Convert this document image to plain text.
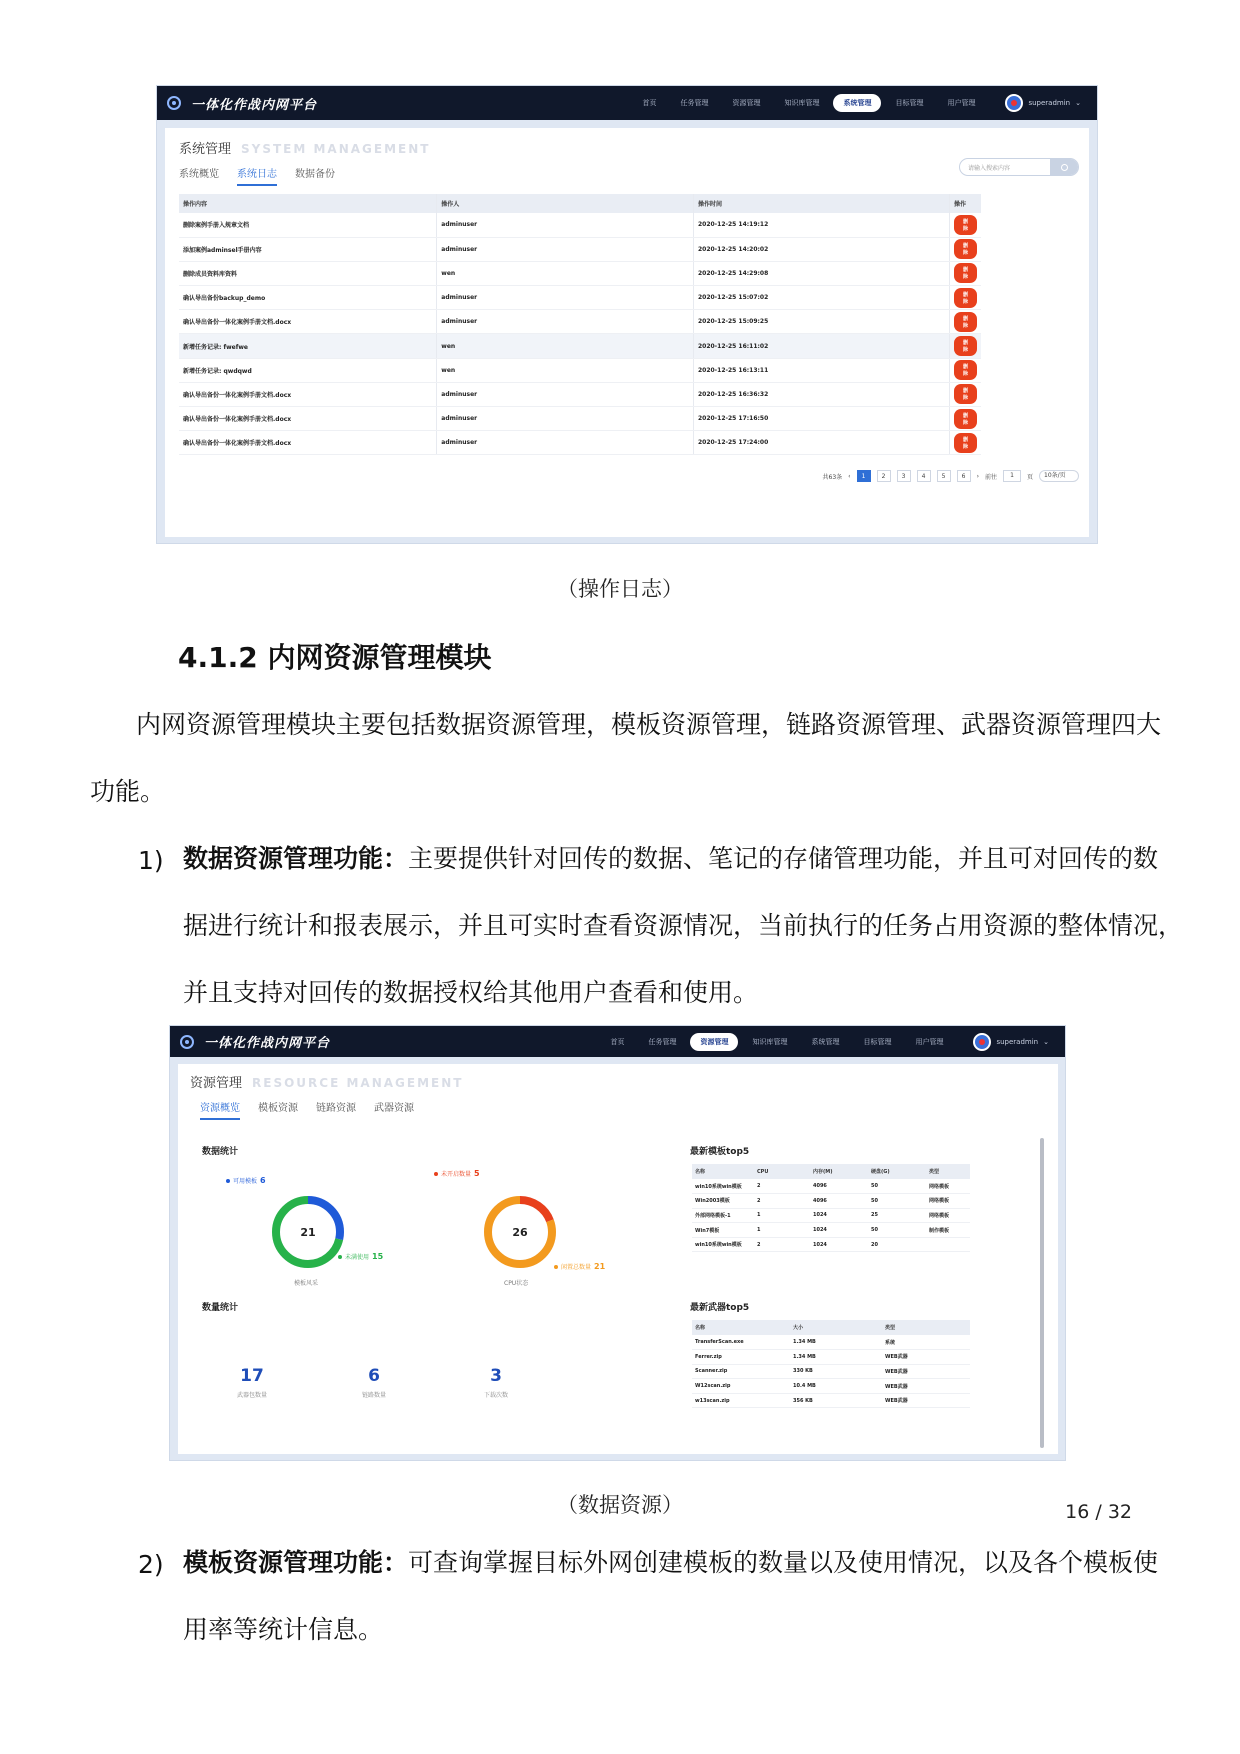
一体化作战内网平台	首页	任务管理	资源管理	知识库管理	系统管理	目标管理	用户管理	superadmin ⌄
系统管理 SYSTEM MANAGEMENT
系统概览 系统日志 数据备份
请输入搜索内容
操作内容	操作人	操作时间	操作
删除案例手册入规章文档	adminuser	2020-12-25 14:19:12	删除
添加案例adminsel手册内容	adminuser	2020-12-25 14:20:02	删除
删除成员资料库资料	wen	2020-12-25 14:29:08	删除
确认导出备份backup_demo	adminuser	2020-12-25 15:07:02	删除
确认导出备份一体化案例手册文档.docx	adminuser	2020-12-25 15:09:25	删除
新增任务记录: fwefwe	wen	2020-12-25 16:11:02	删除
新增任务记录: qwdqwd	wen	2020-12-25 16:13:11	删除
确认导出备份一体化案例手册文档.docx	adminuser	2020-12-25 16:36:32	删除
确认导出备份一体化案例手册文档.docx	adminuser	2020-12-25 17:16:50	删除
确认导出备份一体化案例手册文档.docx	adminuser	2020-12-25 17:24:00	删除
共63条 ‹	1	2	3	4	5	6	› 前往	1	页	10条/页
（操作日志）
4.1.2 内网资源管理模块
内网资源管理模块主要包括数据资源管理，模板资源管理，链路资源管理、武器资源管理四大
功能。
1) 数据资源管理功能：主要提供针对回传的数据、笔记的存储管理功能，并且可对回传的数
据进行统计和报表展示，并且可实时查看资源情况，当前执行的任务占用资源的整体情况，
并且支持对回传的数据授权给其他用户查看和使用。
一体化作战内网平台	首页	任务管理	资源管理	知识库管理	系统管理	目标管理	用户管理	superadmin ⌄
资源管理 RESOURCE MANAGEMENT
资源概览 模板资源 链路资源 武器资源
数据统计
21
模板风采
可用模板 6
未满使用 15
26
CPU状态
未开启数量 5
闲置总数量 21
数量统计
17
武器包数量
6
链路数量
3
下载次数
最新模板top5
名称	CPU	内存(M)	硬盘(G)	类型
win10系统win模板	2	4096	50	网络模板
Win2003模板	2	4096	50	网络模板
外部网络模板-1	1	1024	25	网络模板
Win7模板	1	1024	50	制作模板
win10系统win模板	2	1024	20	
最新武器top5
名称	大小	类型
TransferScan.exe	1.34 MB	系统
Ferrer.zip	1.34 MB	WEB武器
Scanner.zip	330 KB	WEB武器
W12scan.zip	10.4 MB	WEB武器
w13scan.zip	356 KB	WEB武器
（数据资源）
2) 模板资源管理功能：可查询掌握目标外网创建模板的数量以及使用情况，以及各个模板使
用率等统计信息。
16 / 32
